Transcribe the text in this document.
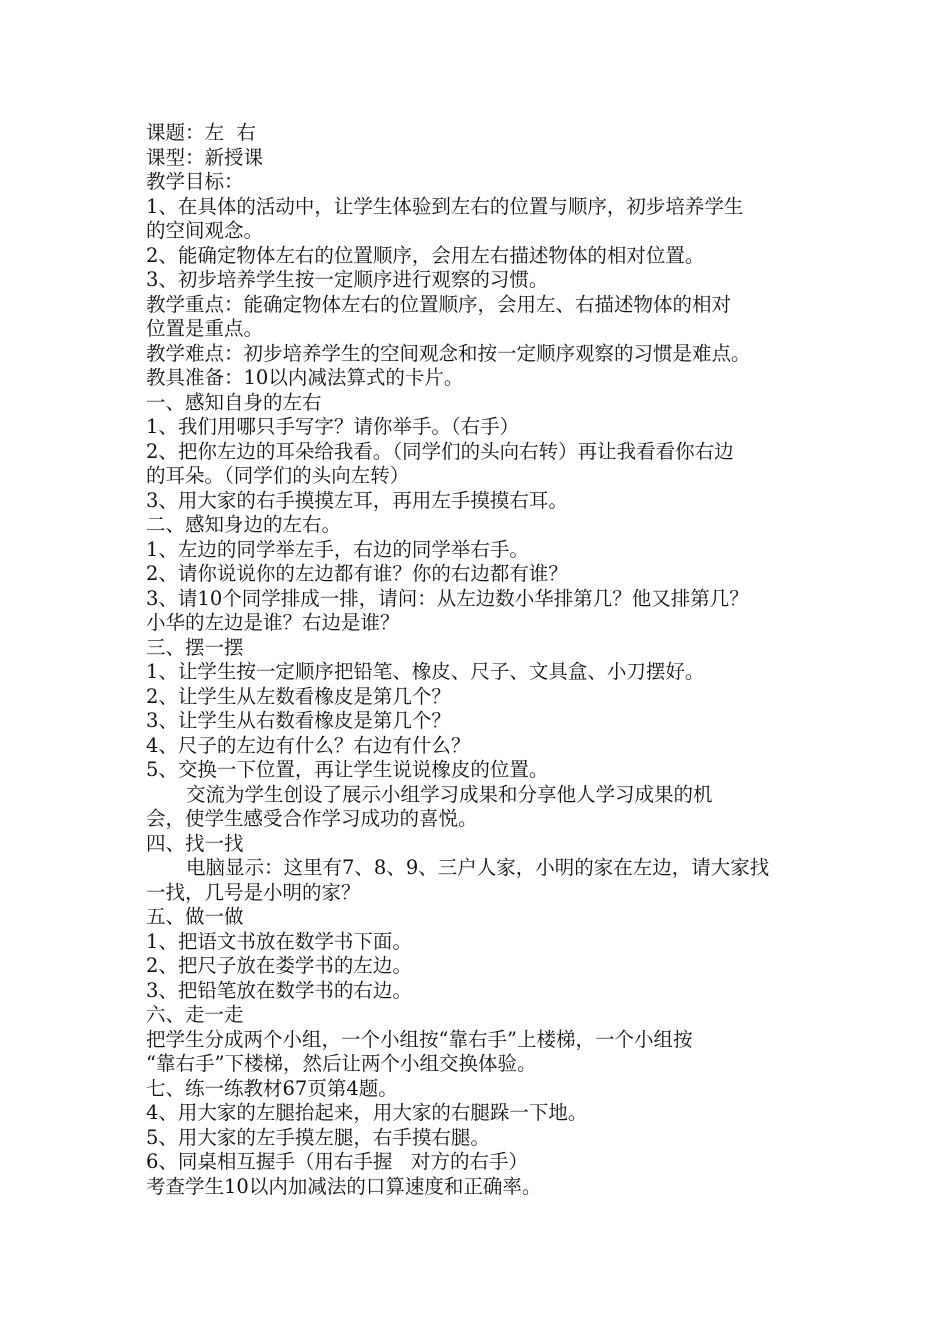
课题：左  右

课型：新授课

教学目标：

1、在具体的活动中，让学生体验到左右的位置与顺序，初步培养学生

的空间观念。

2、能确定物体左右的位置顺序，会用左右描述物体的相对位置。

3、初步培养学生按一定顺序进行观察的习惯。

教学重点：能确定物体左右的位置顺序，会用左、右描述物体的相对

位置是重点。

教学难点：初步培养学生的空间观念和按一定顺序观察的习惯是难点。

教具准备：10以内减法算式的卡片。

一、感知自身的左右

1、我们用哪只手写字？请你举手。（右手）

2、把你左边的耳朵给我看。（同学们的头向右转）再让我看看你右边

的耳朵。（同学们的头向左转）

3、用大家的右手摸摸左耳，再用左手摸摸右耳。

二、感知身边的左右。

1、左边的同学举左手，右边的同学举右手。

2、请你说说你的左边都有谁？你的右边都有谁？

3、请10个同学排成一排，请问：从左边数小华排第几？他又排第几？

小华的左边是谁？右边是谁？

三、摆一摆

1、让学生按一定顺序把铅笔、橡皮、尺子、文具盒、小刀摆好。

2、让学生从左数看橡皮是第几个？

3、让学生从右数看橡皮是第几个？

4、尺子的左边有什么？右边有什么？

5、交换一下位置，再让学生说说橡皮的位置。

交流为学生创设了展示小组学习成果和分享他人学习成果的机

会，使学生感受合作学习成功的喜悦。

四、找一找

电脑显示：这里有7、8、9、三户人家，小明的家在左边，请大家找

一找，几号是小明的家？

五、做一做

1、把语文书放在数学书下面。

2、把尺子放在娄学书的左边。

3、把铅笔放在数学书的右边。

六、走一走

把学生分成两个小组，一个小组按“靠右手”上楼梯，一个小组按

“靠右手”下楼梯，然后让两个小组交换体验。

七、练一练教材67页第4题。

4、用大家的左腿抬起来，用大家的右腿跺一下地。

5、用大家的左手摸左腿，右手摸右腿。

6、同桌相互握手（用右手握   对方的右手）

考查学生10以内加减法的口算速度和正确率。
